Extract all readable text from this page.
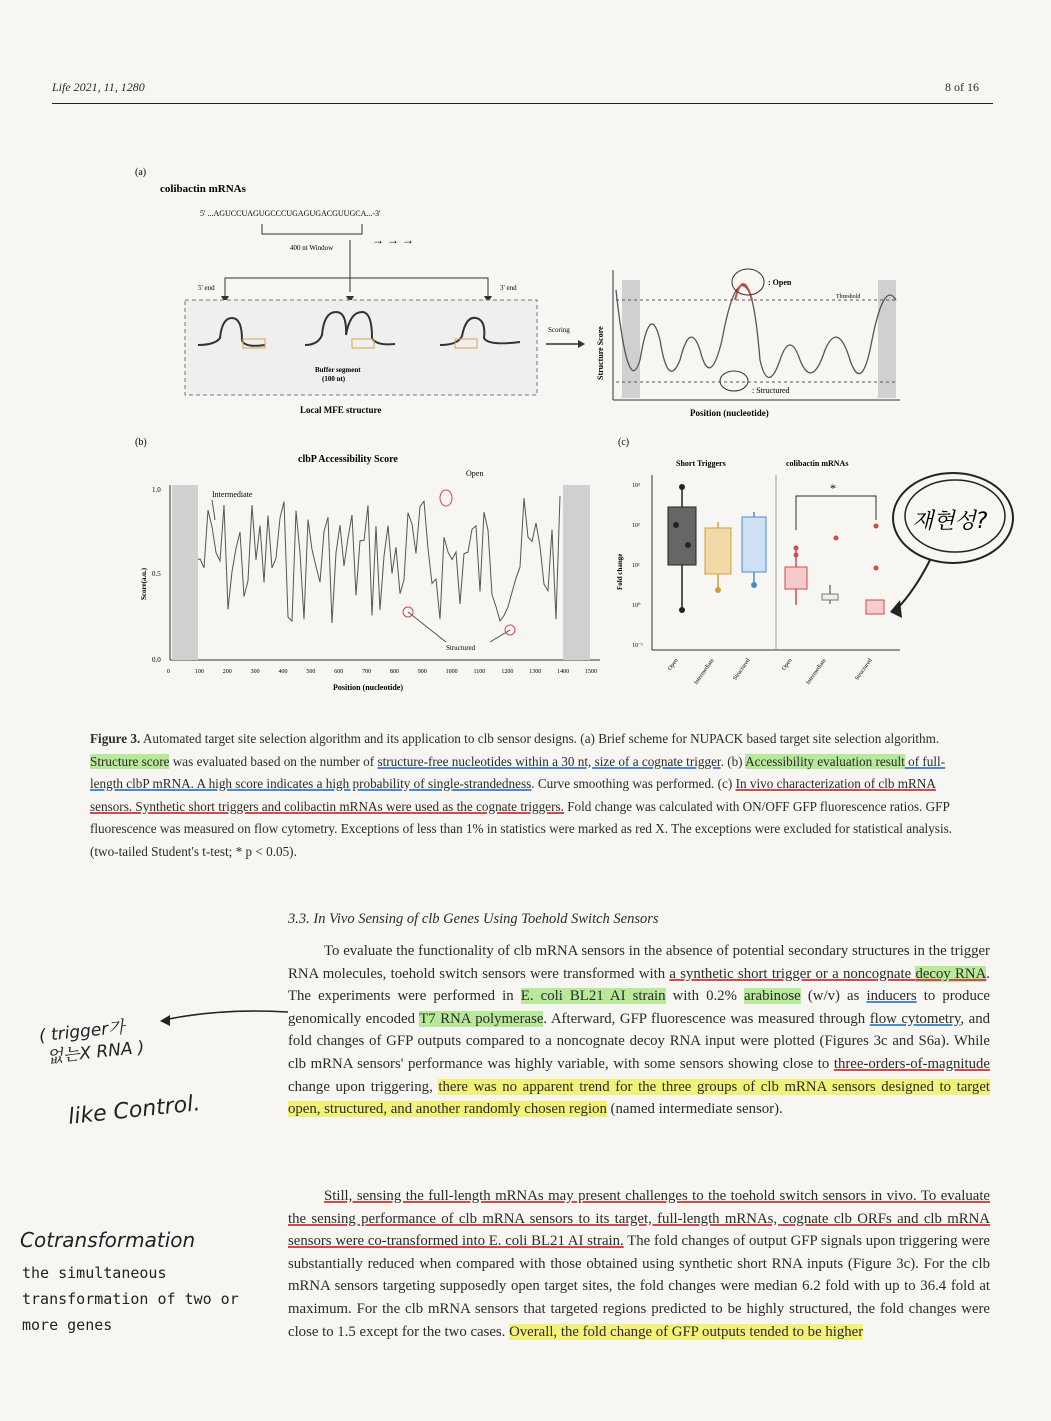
Life 2021, 11, 1280	8 of 16
(a)
colibactin mRNAs
5' ...AGUCCUAGUGCCCUGAGUGACGUUGCA...-3'
400 nt Window
→ → →
5' end	3' end
Buffer segment (100 nt)
Local MFE structure
Scoring	Structure Score
: Open
: Structured
Threshold
Position (nucleotide)
(b)
clbP Accessibility Score
1.0
0.5
0.0
Score(a.u.)
0	100	200	300	400	500	600	700	800	900	1000	1100	1200	1300	1400	1500
Position (nucleotide)
Intermediate
Open
Structured
(c)
Short Triggers	colibactin mRNAs
Fold change
10³
10²
10¹
10⁰
10⁻¹
Open Intermediate	Structured	Open Intermediate	Structured
*
재현성?
Figure 3. Automated target site selection algorithm and its application to clb sensor designs. (a) Brief scheme for NUPACK based target site selection algorithm. Structure score was evaluated based on the number of structure-free nucleotides within a 30 nt, size of a cognate trigger. (b) Accessibility evaluation result of full-length clbP mRNA. A high score indicates a high probability of single-strandedness. Curve smoothing was performed. (c) In vivo characterization of clb mRNA sensors. Synthetic short triggers and colibactin mRNAs were used as the cognate triggers. Fold change was calculated with ON/OFF GFP fluorescence ratios. GFP fluorescence was measured on flow cytometry. Exceptions of less than 1% in statistics were marked as red X. The exceptions were excluded for statistical analysis. (two-tailed Student's t-test; * p < 0.05).
3.3. In Vivo Sensing of clb Genes Using Toehold Switch Sensors
To evaluate the functionality of clb mRNA sensors in the absence of potential secondary structures in the trigger RNA molecules, toehold switch sensors were transformed with a synthetic short trigger or a noncognate decoy RNA. The experiments were performed in E. coli BL21 AI strain with 0.2% arabinose (w/v) as inducers to produce genomically encoded T7 RNA polymerase. Afterward, GFP fluorescence was measured through flow cytometry, and fold changes of GFP outputs compared to a noncognate decoy RNA input were plotted (Figures 3c and S6a). While clb mRNA sensors' performance was highly variable, with some sensors showing close to three-orders-of-magnitude change upon triggering, there was no apparent trend for the three groups of clb mRNA sensors designed to target open, structured, and another randomly chosen region (named intermediate sensor).
Still, sensing the full-length mRNAs may present challenges to the toehold switch sensors in vivo. To evaluate the sensing performance of clb mRNA sensors to its target, full-length mRNAs, cognate clb ORFs and clb mRNA sensors were co-transformed into E. coli BL21 AI strain. The fold changes of output GFP signals upon triggering were substantially reduced when compared with those obtained using synthetic short RNA inputs (Figure 3c). For the clb mRNA sensors targeting supposedly open target sites, the fold changes were median 6.2 fold with up to 36.4 fold at maximum. For the clb mRNA sensors that targeted regions predicted to be highly structured, the fold changes were close to 1.5 except for the two cases. Overall, the fold change of GFP outputs tended to be higher
( trigger가
없는X RNA )
like Control.
Cotransformation
the simultaneous
transformation of two or
more genes
